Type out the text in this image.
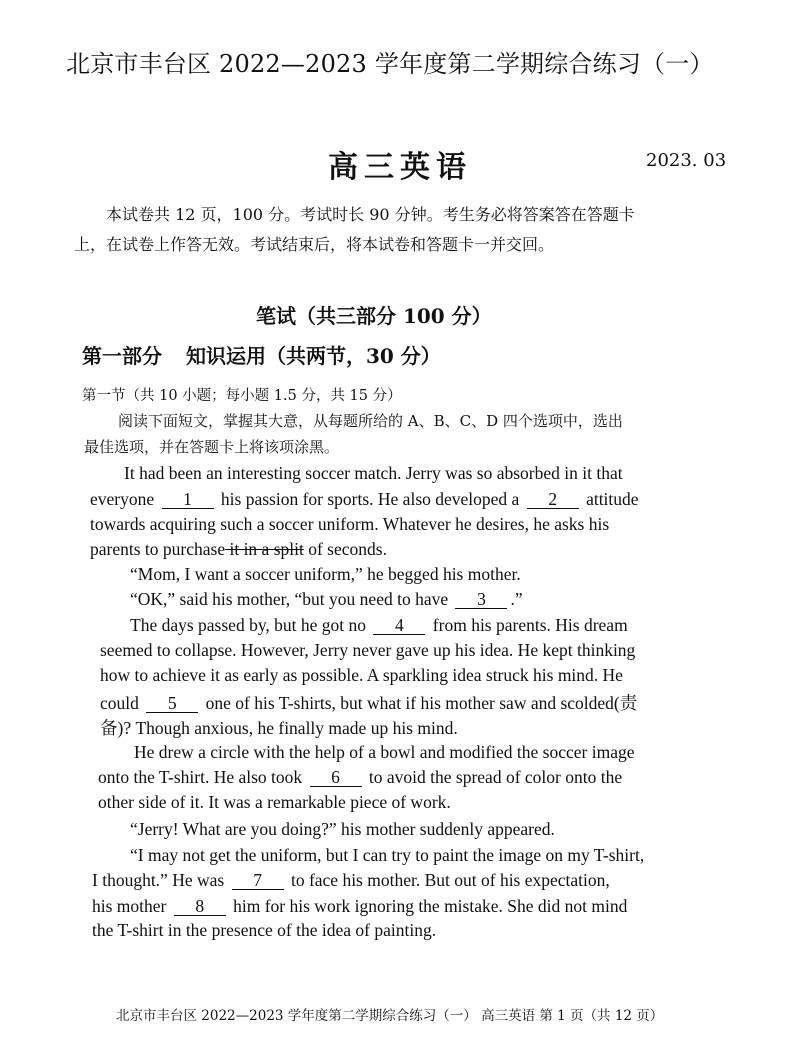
北京市丰台区 2022—2023 学年度第二学期综合练习（一）
高三英语	2023. 03
本试卷共 12 页，100 分。考试时长 90 分钟。考生务必将答案答在答题卡
上，在试卷上作答无效。考试结束后，将本试卷和答题卡一并交回。
笔试（共三部分 100 分）
第一部分 知识运用（共两节，30 分）
第一节（共 10 小题；每小题 1.5 分，共 15 分）
阅读下面短文，掌握其大意，从每题所给的 A、B、C、D 四个选项中，选出
最佳选项，并在答题卡上将该项涂黑。
It had been an interesting soccer match. Jerry was so absorbed in it that
everyone 1 his passion for sports. He also developed a 2 attitude
towards acquiring such a soccer uniform. Whatever he desires, he asks his
parents to purchase it in a split of seconds.
“Mom, I want a soccer uniform,” he begged his mother.
“OK,” said his mother, “but you need to have 3 .”
The days passed by, but he got no 4 from his parents. His dream
seemed to collapse. However, Jerry never gave up his idea. He kept thinking
how to achieve it as early as possible. A sparkling idea struck his mind. He
could 5 one of his T-shirts, but what if his mother saw and scolded(责
备)? Though anxious, he finally made up his mind.
He drew a circle with the help of a bowl and modified the soccer image
onto the T-shirt. He also took 6 to avoid the spread of color onto the
other side of it. It was a remarkable piece of work.
“Jerry! What are you doing?” his mother suddenly appeared.
“I may not get the uniform, but I can try to paint the image on my T-shirt,
I thought.” He was 7 to face his mother. But out of his expectation,
his mother 8 him for his work ignoring the mistake. She did not mind
the T-shirt in the presence of the idea of painting.
北京市丰台区 2022—2023 学年度第二学期综合练习（一） 高三英语 第 1 页（共 12 页）
